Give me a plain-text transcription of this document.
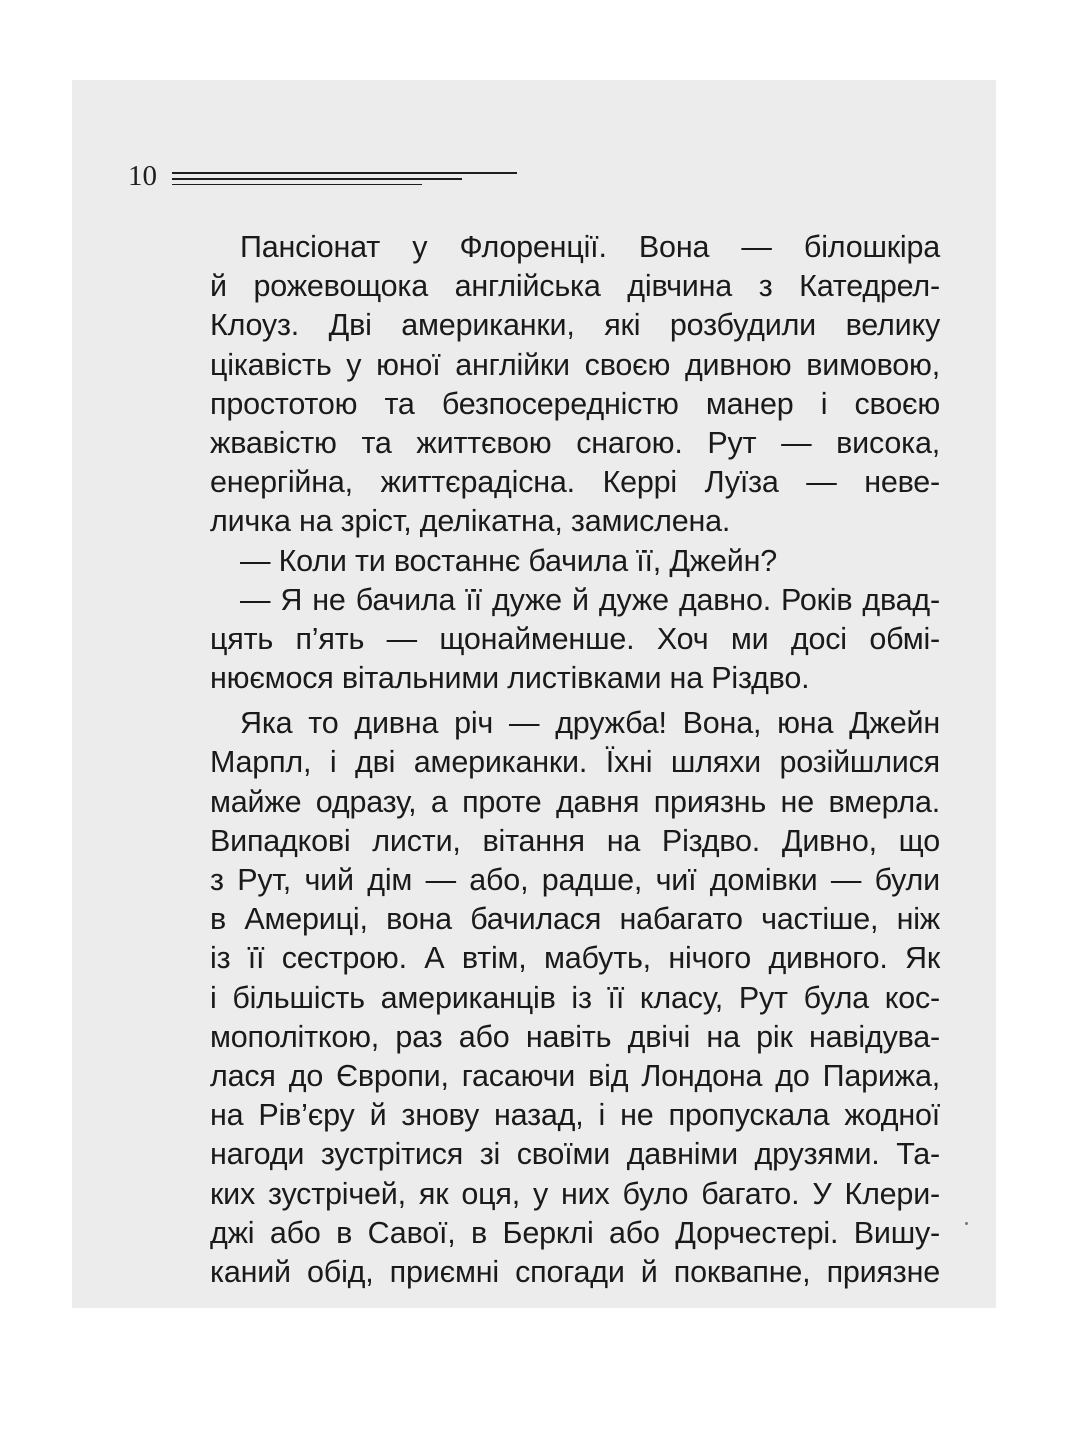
10
Пансіонат у Флоренції. Вона — білошкіра
й рожевощока англійська дівчина з Катедрел-
Клоуз. Дві американки, які розбудили велику
цікавість у юної англійки своєю дивною вимовою,
простотою та безпосередністю манер і своєю
жвавістю та життєвою снагою. Рут — висока,
енергійна, життєрадісна. Керрі Луїза — неве-
личка на зріст, делікатна, замислена.
— Коли ти востаннє бачила її, Джейн?
— Я не бачила її дуже й дуже давно. Років двад-
цять п’ять — щонайменше. Хоч ми досі обмі-
нюємося вітальними листівками на Різдво.
Яка то дивна річ — дружба! Вона, юна Джейн
Марпл, і дві американки. Їхні шляхи розійшлися
майже одразу, а проте давня приязнь не вмерла.
Випадкові листи, вітання на Різдво. Дивно, що
з Рут, чий дім — або, радше, чиї домівки — були
в Америці, вона бачилася набагато частіше, ніж
із її сестрою. А втім, мабуть, нічого дивного. Як
і більшість американців із її класу, Рут була кос-
мополіткою, раз або навіть двічі на рік навідува-
лася до Європи, гасаючи від Лондона до Парижа,
на Рів’єру й знову назад, і не пропускала жодної
нагоди зустрітися зі своїми давніми друзями. Та-
ких зустрічей, як оця, у них було багато. У Клери-
джі або в Савої, в Берклі або Дорчестері. Вишу-
каний обід, приємні спогади й поквапне, приязне
